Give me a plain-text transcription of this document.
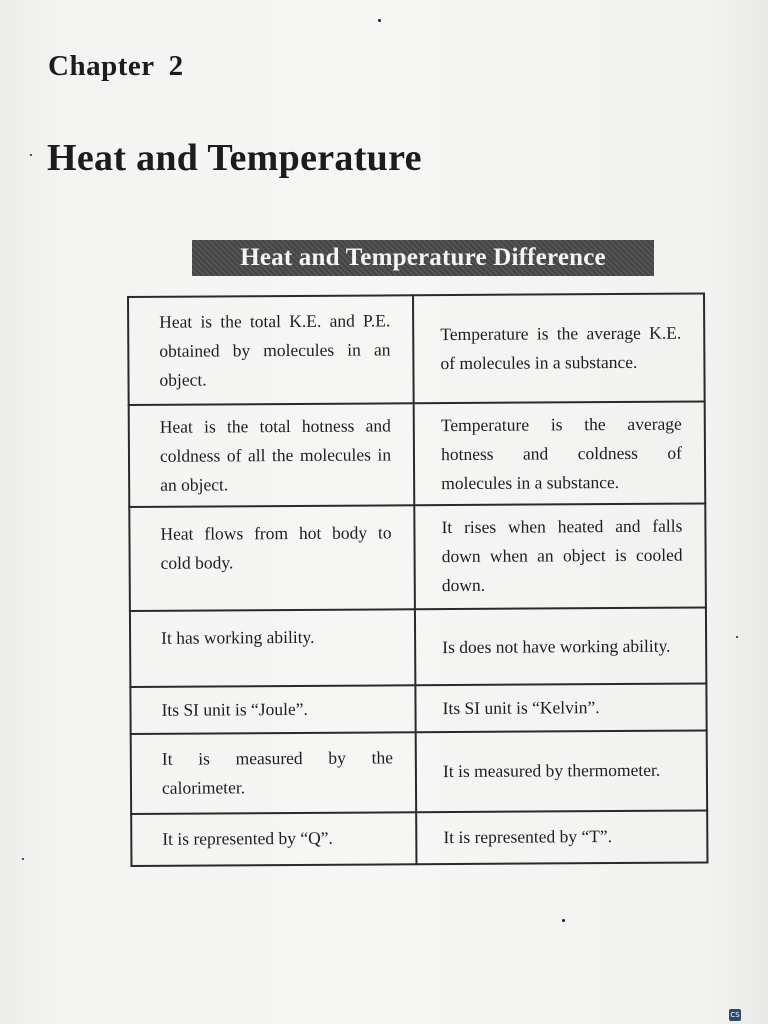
Chapter 2
Heat and Temperature
Heat and Temperature Difference
Heat is the total K.E. and P.E. obtained by molecules in an object.	Temperature is the average K.E. of molecules in a substance.
Heat is the total hotness and coldness of all the molecules in an object.	Temperature is the average hotness and coldness of molecules in a substance.
Heat flows from hot body to cold body.	It rises when heated and falls down when an object is cooled down.
It has working ability.	Is does not have working ability.
Its SI unit is “Joule”.	Its SI unit is “Kelvin”.
It is measured by the calorimeter.	It is measured by thermometer.
It is represented by “Q”.	It is represented by “T”.
CS
